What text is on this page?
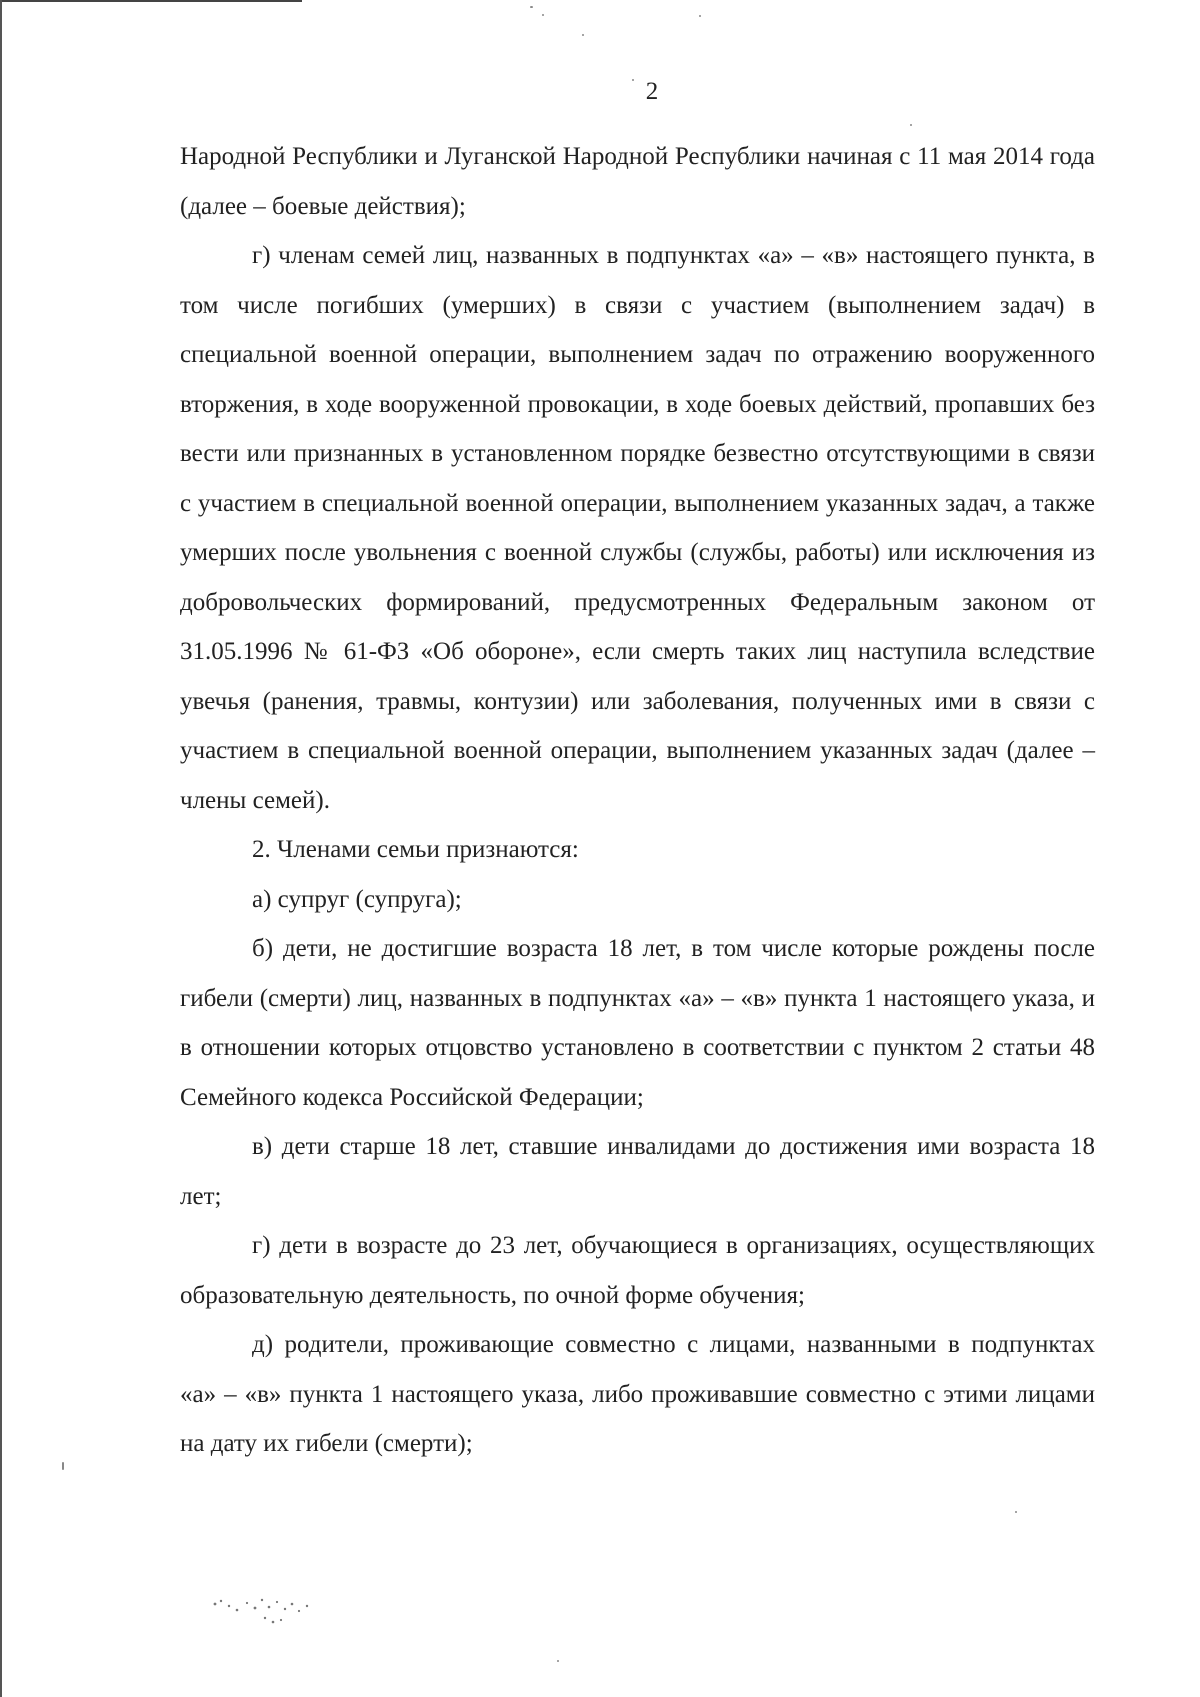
2

Народной Республики и Луганской Народной Республики начиная с 11 мая 2014 года (далее – боевые действия);

г) членам семей лиц, названных в подпунктах «а» – «в» настоящего пункта, в том числе погибших (умерших) в связи с участием (выполнением задач) в специальной военной операции, выполнением задач по отражению вооруженного вторжения, в ходе вооруженной провокации, в ходе боевых действий, пропавших без вести или признанных в установленном порядке безвестно отсутствующими в связи с участием в специальной военной операции, выполнением указанных задач, а также умерших после увольнения с военной службы (службы, работы) или исключения из добровольческих формирований, предусмотренных Федеральным законом от 31.05.1996 № 61-ФЗ «Об обороне», если смерть таких лиц наступила вследствие увечья (ранения, травмы, контузии) или заболевания, полученных ими в связи с участием в специальной военной операции, выполнением указанных задач (далее – члены семей).

2. Членами семьи признаются:

а) супруг (супруга);

б) дети, не достигшие возраста 18 лет, в том числе которые рождены после гибели (смерти) лиц, названных в подпунктах «а» – «в» пункта 1 настоящего указа, и в отношении которых отцовство установлено в соответствии с пунктом 2 статьи 48 Семейного кодекса Российской Федерации;

в) дети старше 18 лет, ставшие инвалидами до достижения ими возраста 18 лет;

г) дети в возрасте до 23 лет, обучающиеся в организациях, осуществляющих образовательную деятельность, по очной форме обучения;

д) родители, проживающие совместно с лицами, названными в подпунктах «а» – «в» пункта 1 настоящего указа, либо проживавшие совместно с этими лицами на дату их гибели (смерти);
